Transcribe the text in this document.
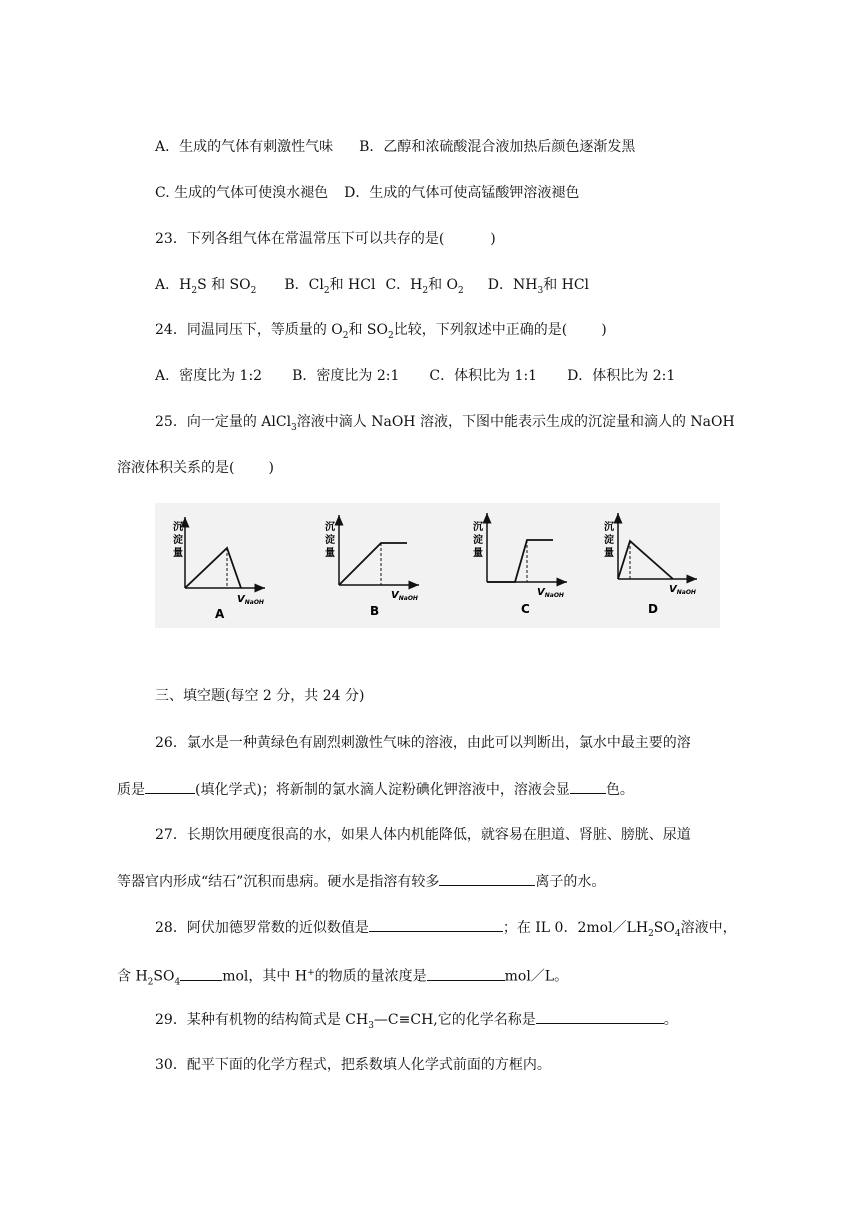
A．生成的气体有刺激性气味 B．乙醇和浓硫酸混合液加热后颜色逐渐发黑
C. 生成的气体可使溴水褪色 D．生成的气体可使高锰酸钾溶液褪色
23．下列各组气体在常温常压下可以共存的是(	)
A．$H_2S$ 和 $SO_2$ B．$Cl_2$和 HCl C．$H_2$和 $O_2$ D．$NH_3$和 HCl
24．同温同压下，等质量的 $O_2$和 $SO_2$比较，下列叙述中正确的是( )
A．密度比为 1:2 B．密度比为 2:1 C．体积比为 1:1 D．体积比为 2:1
25．向一定量的 AlCl$_3$溶液中滴人 NaOH 溶液，下图中能表示生成的沉淀量和滴人的 NaOH
溶液体积关系的是( )
沉
淀
量
$V_{NaOH}$
A
沉
淀
量
$V_{NaOH}$
B
沉
淀
量
$V_{NaOH}$
C
沉
淀
量
$V_{NaOH}$
D
三、填空题(每空 2 分，共 24 分)
26．氯水是一种黄绿色有剧烈刺激性气味的溶液，由此可以判断出，氯水中最主要的溶
质是	(填化学式)；将新制的氯水滴人淀粉碘化钾溶液中，溶液会显	色。
27．长期饮用硬度很高的水，如果人体内机能降低，就容易在胆道、肾脏、膀胱、尿道
等器官内形成“结石”沉积而患病。硬水是指溶有较多	离子的水。
28．阿伏加德罗常数的近似数值是	；在 IL 0．$2mol/LH_2SO_4$溶液中，
含 $H_2SO_4$	mol，其中 H+的物质的量浓度是	mol／L。
29．某种有机物的结构简式是 $CH_3—C\equiv CH$,它的化学名称是	。
30．配平下面的化学方程式，把系数填人化学式前面的方框内。
